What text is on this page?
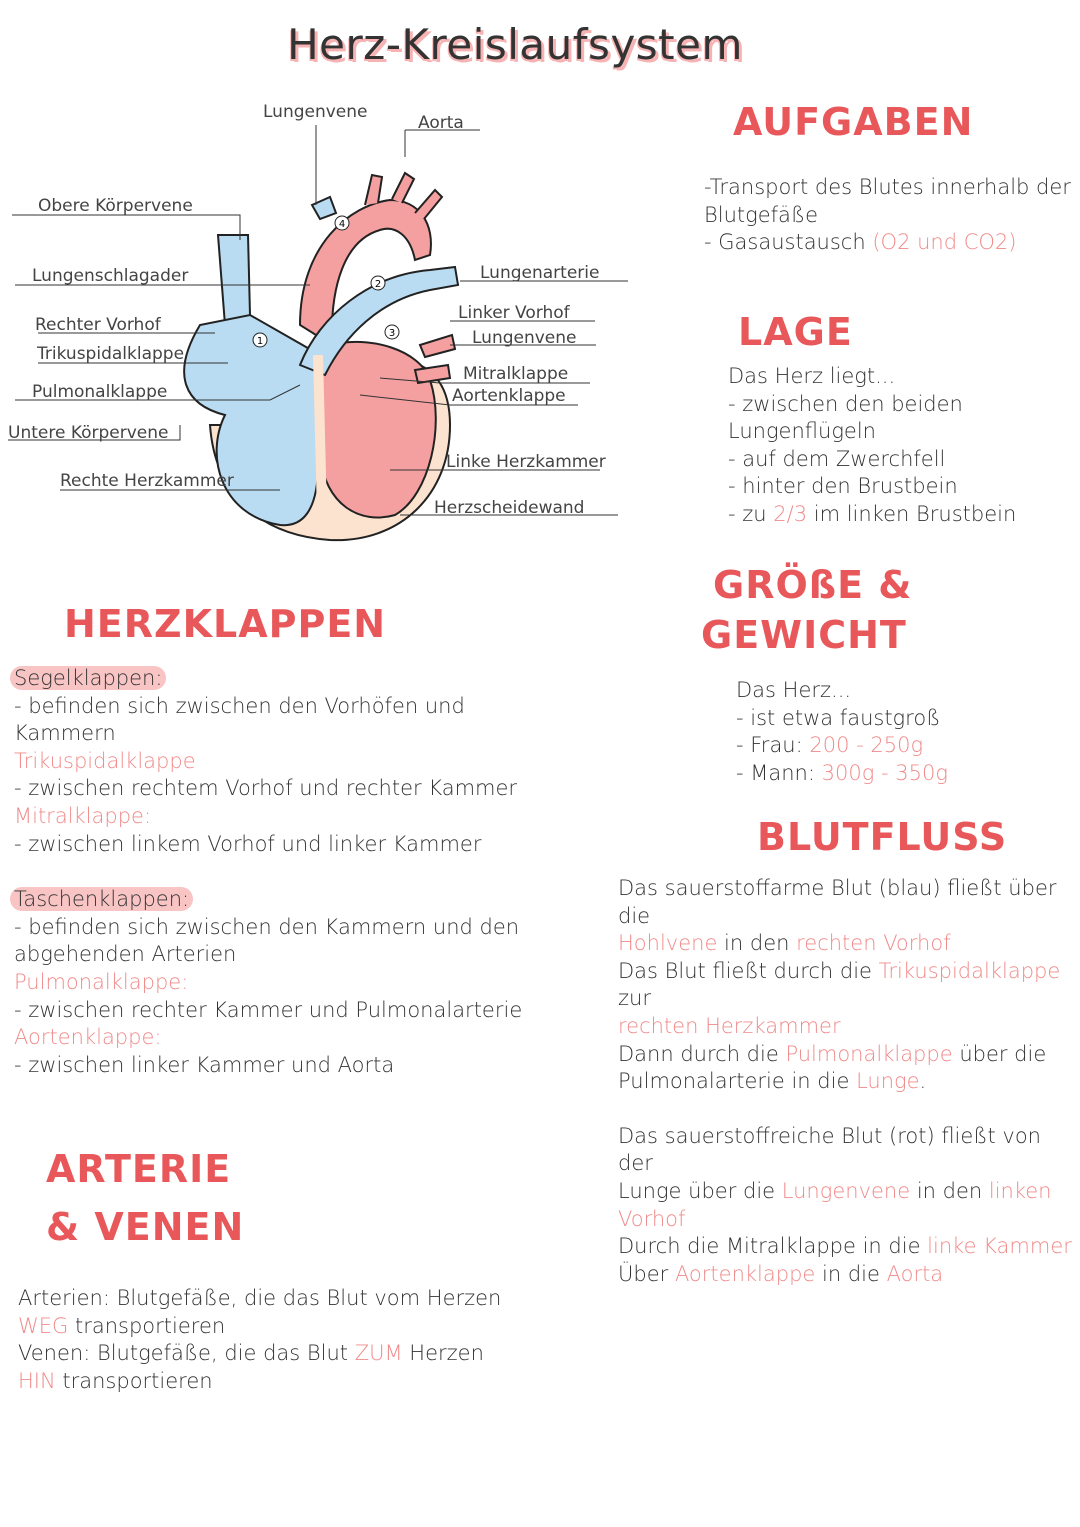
Herz-Kreislaufsystem
1
2
3
4
Lungenvene
Aorta
Obere Körpervene
Lungenschlagader	Lungenarterie
Linker Vorhof
Rechter Vorhof
Lungenvene
Trikuspidalklappe
Mitralklappe
Pulmonalklappe	Aortenklappe
Untere Körpervene
Linke Herzkammer
Rechte Herzkammer
Herzscheidewand
AUFGABEN
-Transport des Blutes innerhalb der
Blutgefäße
- Gasaustausch (O2 und CO2)
LAGE
Das Herz liegt...
- zwischen den beiden
Lungenflügeln
- auf dem Zwerchfell
- hinter den Brustbein
- zu 2/3 im linken Brustbein
GRÖßE &
GEWICHT
Das Herz...
- ist etwa faustgroß
- Frau: 200 - 250g
- Mann: 300g - 350g
HERZKLAPPEN
Segelklappen:
- befinden sich zwischen den Vorhöfen und
Kammern
Trikuspidalklappe
- zwischen rechtem Vorhof und rechter Kammer
Mitralklappe:
- zwischen linkem Vorhof und linker Kammer
Taschenklappen:
- befinden sich zwischen den Kammern und den
abgehenden Arterien
Pulmonalklappe:
- zwischen rechter Kammer und Pulmonalarterie
Aortenklappe:
- zwischen linker Kammer und Aorta
BLUTFLUSS
Das sauerstoffarme Blut (blau) fließt über die
Hohlvene in den rechten Vorhof
Das Blut fließt durch die Trikuspidalklappe zur
rechten Herzkammer
Dann durch die Pulmonalklappe über die
Pulmonalarterie in die Lunge.
Das sauerstoffreiche Blut (rot) fließt von der
Lunge über die Lungenvene in den linken
Vorhof
Durch die Mitralklappe in die linke Kammer
Über Aortenklappe in die Aorta
ARTERIE
& VENEN
Arterien: Blutgefäße, die das Blut vom Herzen
WEG transportieren
Venen: Blutgefäße, die das Blut ZUM Herzen
HIN transportieren
